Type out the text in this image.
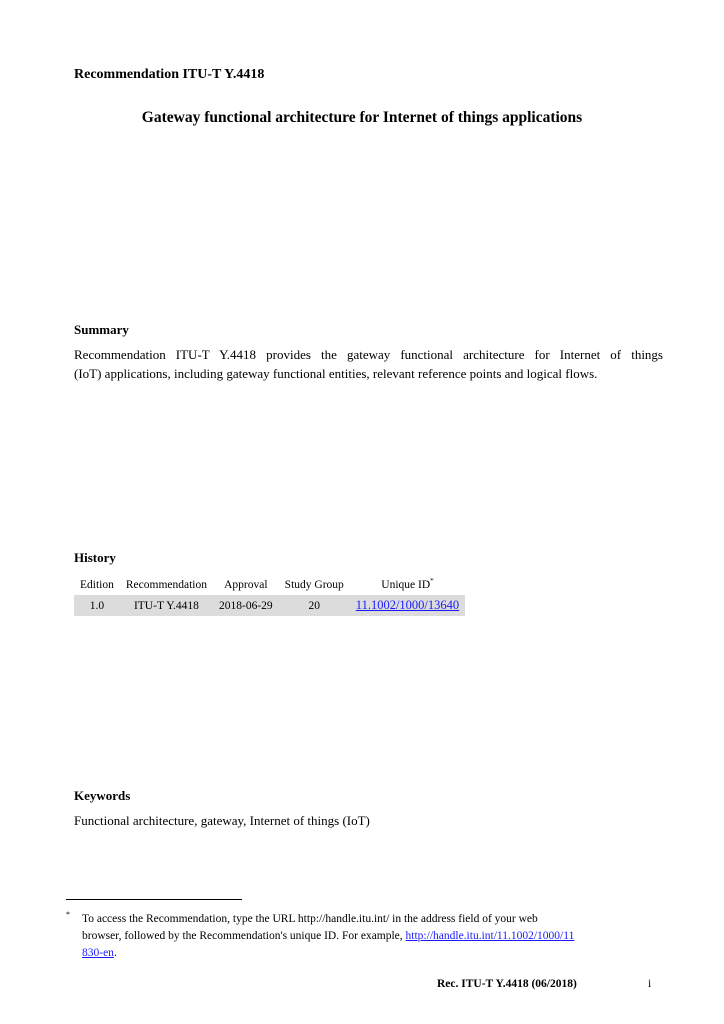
Recommendation ITU-T Y.4418
Gateway functional architecture for Internet of things applications
Summary
Recommendation ITU-T Y.4418 provides the gateway functional architecture for Internet of things
(IoT) applications, including gateway functional entities, relevant reference points and logical flows.
History
Edition	Recommendation	Approval	Study Group	Unique ID*
1.0	ITU-T Y.4418	2018-06-29	20	11.1002/1000/13640
Keywords
Functional architecture, gateway, Internet of things (IoT)
* To access the Recommendation, type the URL http://handle.itu.int/ in the address field of your web
browser, followed by the Recommendation's unique ID. For example, http://handle.itu.int/11.1002/1000/11
830-en.
Rec. ITU-T Y.4418 (06/2018)	i
